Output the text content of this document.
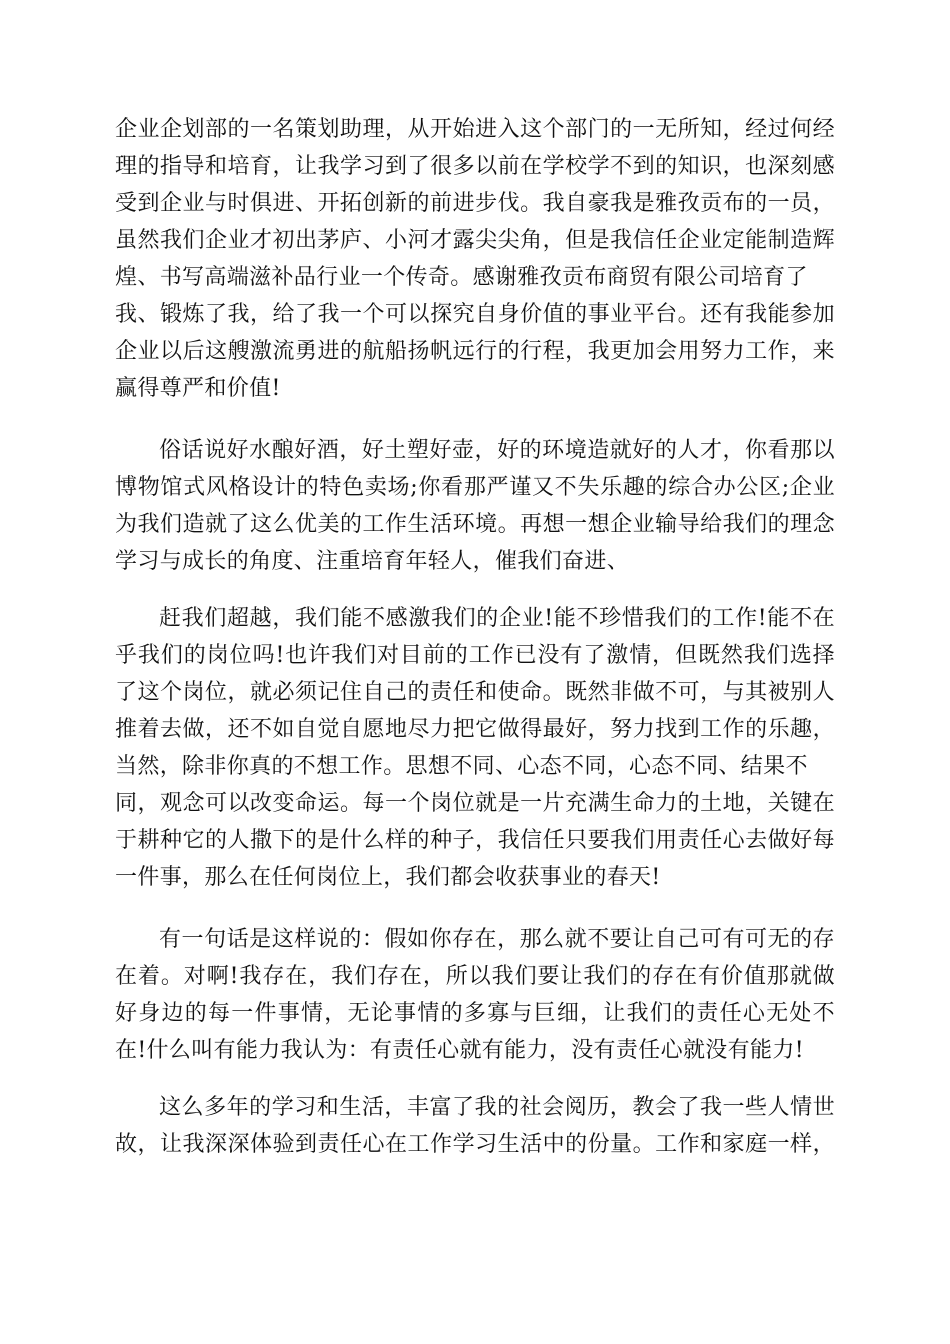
企业企划部的一名策划助理，从开始进入这个部门的一无所知，经过何经
理的指导和培育，让我学习到了很多以前在学校学不到的知识，也深刻感
受到企业与时俱进、开拓创新的前进步伐。我自豪我是雅孜贡布的一员，
虽然我们企业才初出茅庐、小河才露尖尖角，但是我信任企业定能制造辉
煌、书写高端滋补品行业一个传奇。感谢雅孜贡布商贸有限公司培育了
我、锻炼了我，给了我一个可以探究自身价值的事业平台。还有我能参加
企业以后这艘激流勇进的航船扬帆远行的行程，我更加会用努力工作，来
赢得尊严和价值!
俗话说好水酿好酒，好土塑好壶，好的环境造就好的人才，你看那以
博物馆式风格设计的特色卖场;你看那严谨又不失乐趣的综合办公区;企业
为我们造就了这么优美的工作生活环境。再想一想企业输导给我们的理念
学习与成长的角度、注重培育年轻人，催我们奋进、
赶我们超越，我们能不感激我们的企业!能不珍惜我们的工作!能不在
乎我们的岗位吗!也许我们对目前的工作已没有了激情，但既然我们选择
了这个岗位，就必须记住自己的责任和使命。既然非做不可，与其被别人
推着去做，还不如自觉自愿地尽力把它做得最好，努力找到工作的乐趣，
当然，除非你真的不想工作。思想不同、心态不同，心态不同、结果不
同，观念可以改变命运。每一个岗位就是一片充满生命力的土地，关键在
于耕种它的人撒下的是什么样的种子，我信任只要我们用责任心去做好每
一件事，那么在任何岗位上，我们都会收获事业的春天!
有一句话是这样说的：假如你存在，那么就不要让自己可有可无的存
在着。对啊!我存在，我们存在，所以我们要让我们的存在有价值那就做
好身边的每一件事情，无论事情的多寡与巨细，让我们的责任心无处不
在!什么叫有能力我认为：有责任心就有能力，没有责任心就没有能力!
这么多年的学习和生活，丰富了我的社会阅历，教会了我一些人情世
故，让我深深体验到责任心在工作学习生活中的份量。工作和家庭一样，
